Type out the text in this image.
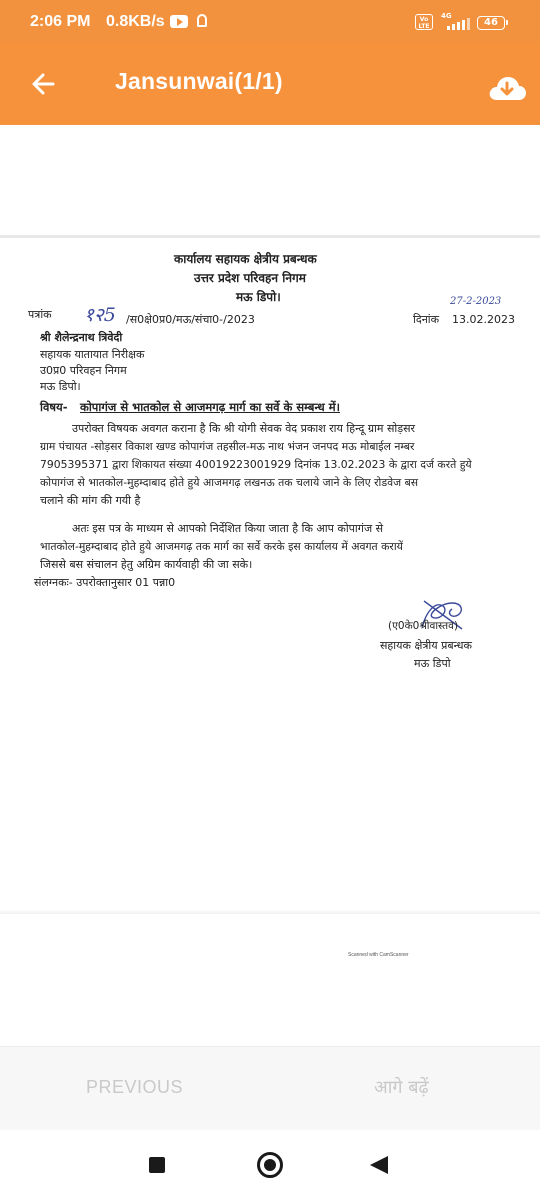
2:06 PM 0.8KB/s	Vo LTE
4G
46
Jansunwai(1/1)
कार्यालय सहायक क्षेत्रीय प्रबन्धक
उत्तर प्रदेश परिवहन निगम
मऊ डिपो।
पत्रांक १२5 /स0क्षे0प्र0/मऊ/संचा0-/2023	दिनांक 13.02.2023
27-2-2023
श्री शैलेन्द्रनाथ त्रिवेदी
सहायक यातायात निरीक्षक
उ0प्र0 परिवहन निगम
मऊ डिपो।
विषय- कोपागंज से भातकोल से आजमगढ़ मार्ग का सर्वे के सम्बन्ध में।
उपरोक्त विषयक अवगत कराना है कि श्री योगी सेवक वेद प्रकाश राय हिन्दू ग्राम सोड़सर
ग्राम पंचायत -सोड़सर विकाश खण्ड कोपागंज तहसील-मऊ नाथ भंजन जनपद मऊ मोबाईल नम्बर
7905395371 द्वारा शिकायत संख्या 40019223001929 दिनांक 13.02.2023 के द्वारा दर्ज करते हुये
कोपागंज से भातकोल-मुहम्दाबाद होते हुये आजमगढ़ लखनऊ तक चलाये जाने के लिए रोडवेज बस
चलाने की मांग की गयी है
अतः इस पत्र के माध्यम से आपको निर्देशित किया जाता है कि आप कोपागंज से
भातकोल-मुहम्दाबाद होते हुये आजमगढ़ तक मार्ग का सर्वे करके इस कार्यालय में अवगत करायें
जिससे बस संचालन हेतु अग्रिम कार्यवाही की जा सके।
संलग्नकः- उपरोक्तानुसार 01 पन्ना0
(ए0के0श्रीवास्तव)
सहायक क्षेत्रीय प्रबन्धक
मऊ डिपो
Scanned with CamScanner
PREVIOUS	आगे बढ़ें
